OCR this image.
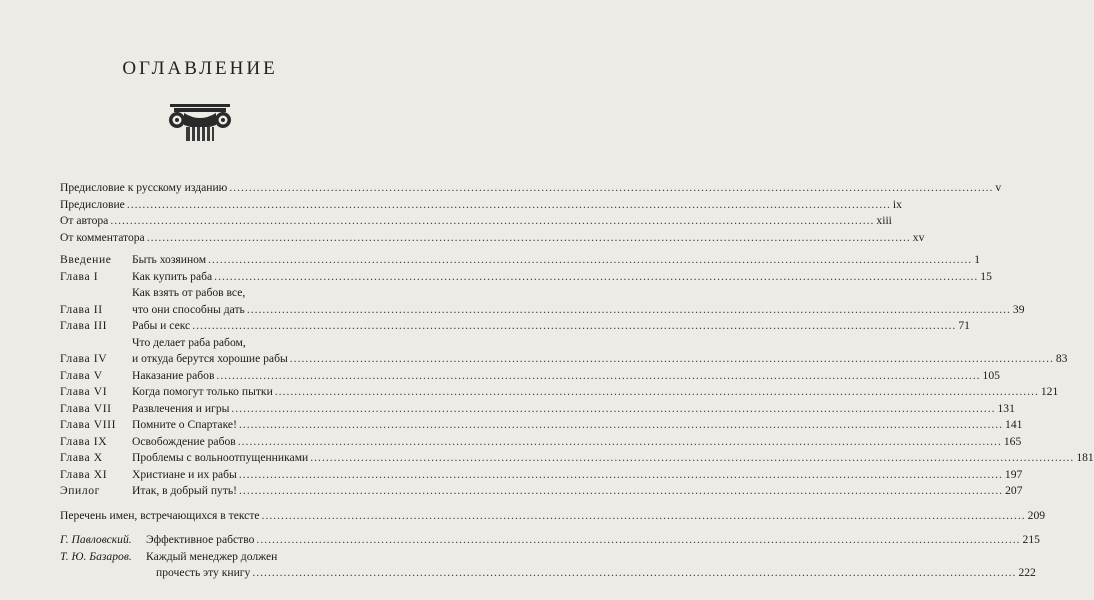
ОГЛАВЛЕНИЕ
Предисловие к русскому изданию .....	v
Предисловие .....	ix
От автора .....	xiii
От комментатора .....	xv
Введение	Быть хозяином .....	1
Глава I	Как купить раба .....	15
Глава II
Как взять от рабов все,
что они способны дать .....	39
Глава III	Рабы и секс .....	71
Глава IV
Что делает раба рабом,
и откуда берутся хорошие рабы .....	83
Глава V	Наказание рабов .....	105
Глава VI	Когда помогут только пытки .....	121
Глава VII	Развлечения и игры .....	131
Глава VIII	Помните о Спартаке! .....	141
Глава IX	Освобождение рабов .....	165
Глава X	Проблемы с вольноотпущенниками .....	181
Глава XI	Христиане и их рабы .....	197
Эпилог	Итак, в добрый путь! .....	207
Перечень имен, встречающихся в тексте .....	209
Г. Павловский.	Эффективное рабство .....	215
Т. Ю. Базаров.	Каждый менеджер должен
прочесть эту книгу .....	222
